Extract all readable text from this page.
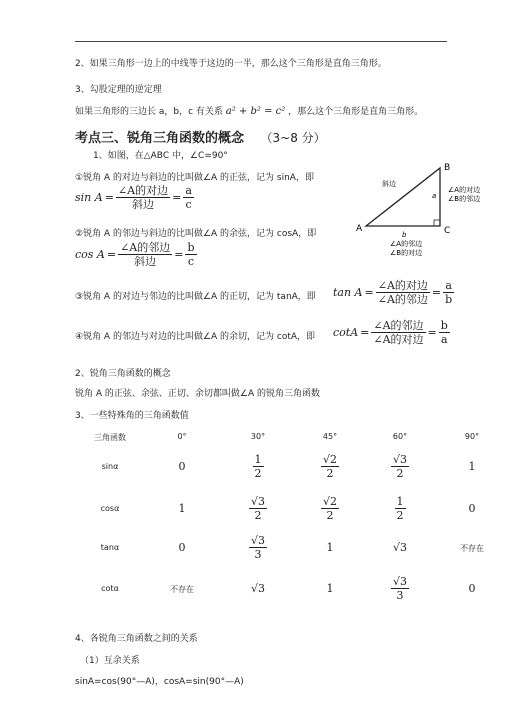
2、如果三角形一边上的中线等于这边的一半，那么这个三角形是直角三角形。
3、勾股定理的逆定理
如果三角形的三边长 a，b，c 有关系 a² + b² = c² ，那么这个三角形是直角三角形。
考点三、锐角三角函数的概念 （3~8 分）
1、如图，在△ABC 中，∠C=90°
①锐角 A 的对边与斜边的比叫做∠A 的正弦，记为 sinA，即
$\sin A = \frac{\text{∠A的对边}}{\text{斜边}} = \frac{a}{c}$
②锐角 A 的邻边与斜边的比叫做∠A 的余弦，记为 cosA，即
$\cos A = \frac{\text{∠A的邻边}}{\text{斜边}} = \frac{b}{c}$
③锐角 A 的对边与邻边的比叫做∠A 的正切，记为 tanA，即 $\tan A = \frac{\text{∠A的对边}}{\text{∠A的邻边}} = \frac{a}{b}$
④锐角 A 的邻边与对边的比叫做∠A 的余切，记为 cotA，即 $\cot A = \frac{\text{∠A的邻边}}{\text{∠A的对边}} = \frac{b}{a}$
A
B
C
斜边
a
∠A的对边
∠B的邻边
b
∠A的邻边
∠B的对边
2、锐角三角函数的概念
锐角 A 的正弦、余弦、正切、余切都叫做∠A 的锐角三角函数
3、一些特殊角的三角函数值
三角函数	0°	30°	45°	60°	90°
sinα	0	$\frac{1}{2}$	$\frac{√2}{2}$	$\frac{√3}{2}$	1
cosα	1	$\frac{√3}{2}$	$\frac{√2}{2}$	$\frac{1}{2}$	0
tanα	0	$\frac{√3}{3}$	1	√3	不存在
cotα	不存在	√3	1	$\frac{√3}{3}$	0
4、各锐角三角函数之间的关系
（1）互余关系
sinA=cos(90°—A)，cosA=sin(90°—A)
